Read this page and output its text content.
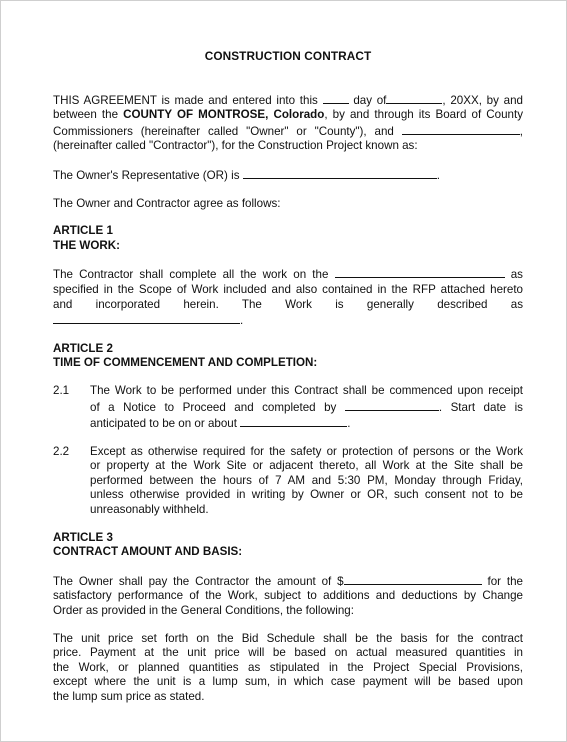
CONSTRUCTION CONTRACT
THIS AGREEMENT is made and entered into this	day of	, 20XX, by and
between the COUNTY OF MONTROSE, Colorado, by and through its Board of County
Commissioners (hereinafter called "Owner" or "County"), and	,
(hereinafter called "Contractor"), for the Construction Project known as:
The Owner's Representative (OR) is	.
The Owner and Contractor agree as follows:
ARTICLE 1
THE WORK:
The Contractor shall complete all the work on the	as
specified in the Scope of Work included and also contained in the RFP attached hereto
and incorporated herein. The Work is generally described as
.
ARTICLE 2
TIME OF COMMENCEMENT AND COMPLETION:
2.1	The Work to be performed under this Contract shall be commenced upon receipt
of a Notice to Proceed and completed by	. Start date is
anticipated to be on or about	.
2.2	Except as otherwise required for the safety or protection of persons or the Work
or property at the Work Site or adjacent thereto, all Work at the Site shall be
performed between the hours of 7 AM and 5:30 PM, Monday through Friday,
unless otherwise provided in writing by Owner or OR, such consent not to be
unreasonably withheld.
ARTICLE 3
CONTRACT AMOUNT AND BASIS:
The Owner shall pay the Contractor the amount of $	for the
satisfactory performance of the Work, subject to additions and deductions by Change
Order as provided in the General Conditions, the following:
The unit price set forth on the Bid Schedule shall be the basis for the contract
price. Payment at the unit price will be based on actual measured quantities in
the Work, or planned quantities as stipulated in the Project Special Provisions,
except where the unit is a lump sum, in which case payment will be based upon
the lump sum price as stated.
